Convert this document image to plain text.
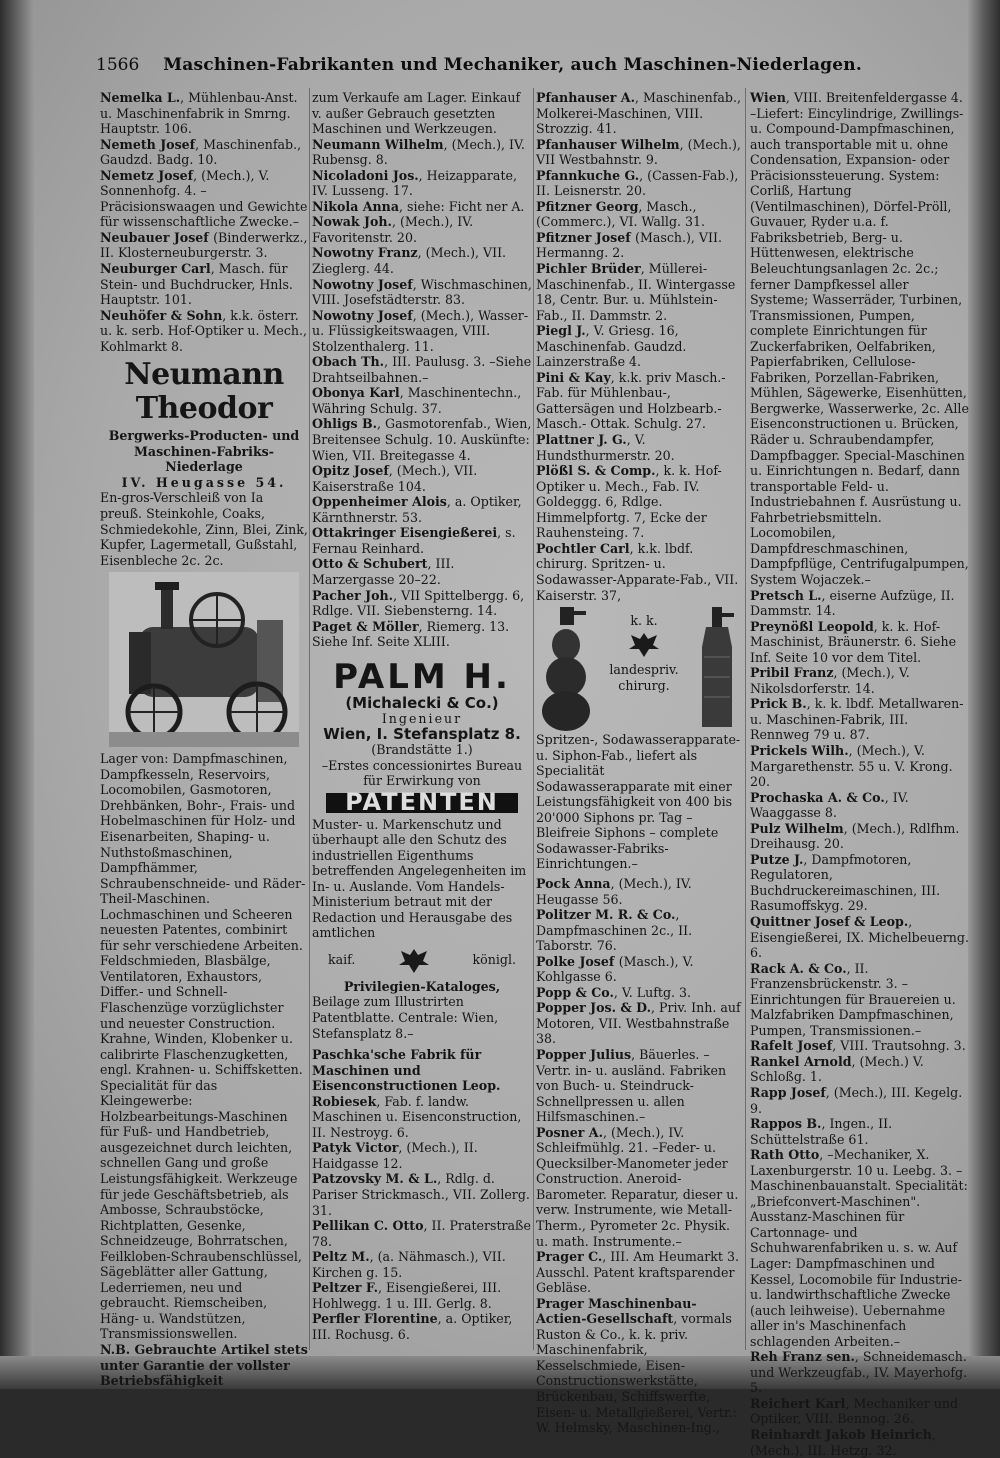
1566 Maschinen-Fabrikanten und Mechaniker, auch Maschinen-Niederlagen.
Nemelka L., Mühlenbau-Anst. u. Maschinenfabrik in Smrng. Hauptstr. 106.
Nemeth Josef, Maschinenfab., Gaudzd. Badg. 10.
Nemetz Josef, (Mech.), V. Sonnenhofg. 4. –Präcisionswaagen und Gewichte für wissenschaftliche Zwecke.–
Neubauer Josef (Binderwerkz., II. Klosterneuburgerstr. 3.
Neuburger Carl, Masch. für Stein- und Buchdrucker, Hnls. Hauptstr. 101.
Neuhöfer & Sohn, k.k. österr. u. k. serb. Hof-Optiker u. Mech., Kohlmarkt 8.
Neumann Theodor
Bergwerks-Producten- und Maschinen-Fabriks-Niederlage
IV. Heugasse 54.
En-gros-Verschleiß von Ia preuß. Steinkohle, Coaks, Schmiedekohle, Zinn, Blei, Zink, Kupfer, Lagermetall, Gußstahl, Eisenbleche 2c. 2c.
Lager von: Dampfmaschinen, Dampfkesseln, Reservoirs, Locomobilen, Gasmotoren, Drehbänken, Bohr-, Frais- und Hobelmaschinen für Holz- und Eisenarbeiten, Shaping- u. Nuthstoßmaschinen, Dampfhämmer, Schraubenschneide- und Räder-Theil-Maschinen. Lochmaschinen und Scheeren neuesten Patentes, combinirt für sehr verschiedene Arbeiten. Feldschmieden, Blasbälge, Ventilatoren, Exhaustors, Differ.- und Schnell-Flaschenzüge vorzüglichster und neuester Construction. Krahne, Winden, Klobenker u. calibrirte Flaschenzugketten, engl. Krahnen- u. Schiffsketten. Specialität für das Kleingewerbe: Holzbearbeitungs-Maschinen für Fuß- und Handbetrieb, ausgezeichnet durch leichten, schnellen Gang und große Leistungsfähigkeit. Werkzeuge für jede Geschäftsbetrieb, als Ambosse, Schraubstöcke, Richtplatten, Gesenke, Schneidzeuge, Bohrratschen, Feilkloben-Schraubenschlüssel, Sägeblätter aller Gattung, Lederriemen, neu und gebraucht. Riemscheiben, Häng- u. Wandstützen, Transmissionswellen.
N.B. Gebrauchte Artikel stets unter Garantie der vollster Betriebsfähigkeit
zum Verkaufe am Lager. Einkauf v. außer Gebrauch gesetzten Maschinen und Werkzeugen.
Neumann Wilhelm, (Mech.), IV. Rubensg. 8.
Nicoladoni Jos., Heizapparate, IV. Lusseng. 17.
Nikola Anna, siehe: Ficht ner A.
Nowak Joh., (Mech.), IV. Favoritenstr. 20.
Nowotny Franz, (Mech.), VII. Zieglerg. 44.
Nowotny Josef, Wischmaschinen, VIII. Josefstädterstr. 83.
Nowotny Josef, (Mech.), Wasser- u. Flüssigkeitswaagen, VIII. Stolzenthalerg. 11.
Obach Th., III. Paulusg. 3. –Siehe Drahtseilbahnen.–
Obonya Karl, Maschinentechn., Währing Schulg. 37.
Ohligs B., Gasmotorenfab., Wien, Breitensee Schulg. 10. Auskünfte: Wien, VII. Breitegasse 4.
Opitz Josef, (Mech.), VII. Kaiserstraße 104.
Oppenheimer Alois, a. Optiker, Kärnthnerstr. 53.
Ottakringer Eisengießerei, s. Fernau Reinhard.
Otto & Schubert, III. Marzergasse 20–22.
Pacher Joh., VII Spittelbergg. 6, Rdlge. VII. Siebensterng. 14.
Paget & Möller, Riemerg. 13. Siehe Inf. Seite XLIII.
PALM H.
(Michalecki & Co.)
Ingenieur
Wien, I. Stefansplatz 8.
(Brandstätte 1.)
–Erstes concessionirtes Bureau für Erwirkung von
PATENTEN
Muster- u. Markenschutz und überhaupt alle den Schutz des industriellen Eigenthums betreffenden Angelegenheiten im In- u. Auslande. Vom Handels-Ministerium betraut mit der Redaction und Herausgabe des amtlichen
kaif.	königl.
Privilegien-Kataloges,
Beilage zum Illustrirten Patentblatte. Centrale: Wien, Stefansplatz 8.–
Paschka'sche Fabrik für Maschinen und Eisenconstructionen Leop. Robiesek, Fab. f. landw. Maschinen u. Eisenconstruction, II. Nestroyg. 6.
Patyk Victor, (Mech.), II. Haidgasse 12.
Patzovsky M. & L., Rdlg. d. Pariser Strickmasch., VII. Zollerg. 31.
Pellikan C. Otto, II. Praterstraße 78.
Peltz M., (a. Nähmasch.), VII. Kirchen g. 15.
Peltzer F., Eisengießerei, III. Hohlwegg. 1 u. III. Gerlg. 8.
Perfler Florentine, a. Optiker, III. Rochusg. 6.
Pfanhauser A., Maschinenfab., Molkerei-Maschinen, VIII. Strozzig. 41.
Pfanhauser Wilhelm, (Mech.), VII Westbahnstr. 9.
Pfannkuche G., (Cassen-Fab.), II. Leisnerstr. 20.
Pfitzner Georg, Masch., (Commerc.), VI. Wallg. 31.
Pfitzner Josef (Masch.), VII. Hermanng. 2.
Pichler Brüder, Müllerei-Maschinenfab., II. Wintergasse 18, Centr. Bur. u. Mühlstein-Fab., II. Dammstr. 2.
Piegl J., V. Griesg. 16, Maschinenfab. Gaudzd. Lainzerstraße 4.
Pini & Kay, k.k. priv Masch.-Fab. für Mühlenbau-, Gattersägen und Holzbearb.-Masch.- Ottak. Schulg. 27.
Plattner J. G., V. Hundsthurmerstr. 20.
Plößl S. & Comp., k. k. Hof-Optiker u. Mech., Fab. IV. Goldeggg. 6, Rdlge. Himmelpfortg. 7, Ecke der Rauhensteing. 7.
Pochtler Carl, k.k. lbdf. chirurg. Spritzen- u. Sodawasser-Apparate-Fab., VII. Kaiserstr. 37,
k. k.
landespriv. chirurg.
Spritzen-, Sodawasserapparate- u. Siphon-Fab., liefert als Specialität Sodawasserapparate mit einer Leistungsfähigkeit von 400 bis 20'000 Siphons pr. Tag – Bleifreie Siphons – complete Sodawasser-Fabriks-Einrichtungen.–
Pock Anna, (Mech.), IV. Heugasse 56.
Politzer M. R. & Co., Dampfmaschinen 2c., II. Taborstr. 76.
Polke Josef (Masch.), V. Kohlgasse 6.
Popp & Co., V. Luftg. 3.
Popper Jos. & D., Priv. Inh. auf Motoren, VII. Westbahnstraße 38.
Popper Julius, Bäuerles. –Vertr. in- u. ausländ. Fabriken von Buch- u. Steindruck-Schnellpressen u. allen Hilfsmaschinen.–
Posner A., (Mech.), IV. Schleifmühlg. 21. –Feder- u. Quecksilber-Manometer jeder Construction. Aneroid-Barometer. Reparatur, dieser u. verw. Instrumente, wie Metall-Therm., Pyrometer 2c. Physik. u. math. Instrumente.–
Prager C., III. Am Heumarkt 3. Ausschl. Patent kraftsparender Gebläse.
Prager Maschinenbau-Actien-Gesellschaft, vormals Ruston & Co., k. k. priv. Maschinenfabrik, Kesselschmiede, Eisen- Constructionswerkstätte, Brückenbau, Schiffswerfte, Eisen- u. Metallgießerei, Vertr.: W. Helmsky, Maschinen-Ing.,
Wien, VIII. Breitenfeldergasse 4.
–Liefert: Eincylindrige, Zwillings- u. Compound-Dampfmaschinen, auch transportable mit u. ohne Condensation, Expansion- oder Präcisionssteuerung. System: Corliß, Hartung (Ventilmaschinen), Dörfel-Pröll, Guvauer, Ryder u.a. f. Fabriksbetrieb, Berg- u. Hüttenwesen, elektrische Beleuchtungsanlagen 2c. 2c.; ferner Dampfkessel aller Systeme; Wasserräder, Turbinen, Transmissionen, Pumpen, complete Einrichtungen für Zuckerfabriken, Oelfabriken, Papierfabriken, Cellulose-Fabriken, Porzellan-Fabriken, Mühlen, Sägewerke, Eisenhütten, Bergwerke, Wasserwerke, 2c. Alle Eisenconstructionen u. Brücken, Räder u. Schraubendampfer, Dampfbagger. Special-Maschinen u. Einrichtungen n. Bedarf, dann transportable Feld- u. Industriebahnen f. Ausrüstung u. Fahrbetriebsmitteln. Locomobilen, Dampfdreschmaschinen, Dampfpflüge, Centrifugalpumpen, System Wojaczek.–
Pretsch L., eiserne Aufzüge, II. Dammstr. 14.
Preynößl Leopold, k. k. Hof-Maschinist, Bräunerstr. 6. Siehe Inf. Seite 10 vor dem Titel.
Pribil Franz, (Mech.), V. Nikolsdorferstr. 14.
Prick B., k. k. lbdf. Metallwaren- u. Maschinen-Fabrik, III. Rennweg 79 u. 87.
Prickels Wilh., (Mech.), V. Margarethenstr. 55 u. V. Krong. 20.
Prochaska A. & Co., IV. Waaggasse 8.
Pulz Wilhelm, (Mech.), Rdlfhm. Dreihausg. 20.
Putze J., Dampfmotoren, Regulatoren, Buchdruckereimaschinen, III. Rasumoffskyg. 29.
Quittner Josef & Leop., Eisengießerei, IX. Michelbeuerng. 6.
Rack A. & Co., II. Franzensbrückenstr. 3. –Einrichtungen für Brauereien u. Malzfabriken Dampfmaschinen, Pumpen, Transmissionen.–
Rafelt Josef, VIII. Trautsohng. 3.
Rankel Arnold, (Mech.) V. Schloßg. 1.
Rapp Josef, (Mech.), III. Kegelg. 9.
Rappos B., Ingen., II. Schüttelstraße 61.
Rath Otto, –Mechaniker, X. Laxenburgerstr. 10 u. Leebg. 3. –Maschinenbauanstalt. Specialität: „Briefconvert-Maschinen". Ausstanz-Maschinen für Cartonnage- und Schuhwarenfabriken u. s. w. Auf Lager: Dampfmaschinen und Kessel, Locomobile für Industrie- u. landwirthschaftliche Zwecke (auch leihweise). Uebernahme aller in's Maschinenfach schlagenden Arbeiten.–
Reh Franz sen., Schneidemasch. und Werkzeugfab., IV. Mayerhofg. 5.
Reichert Karl, Mechaniker und Optiker, VIII. Bennog. 26.
Reinhardt Jakob Heinrich, (Mech.), III. Hetzg. 32.
